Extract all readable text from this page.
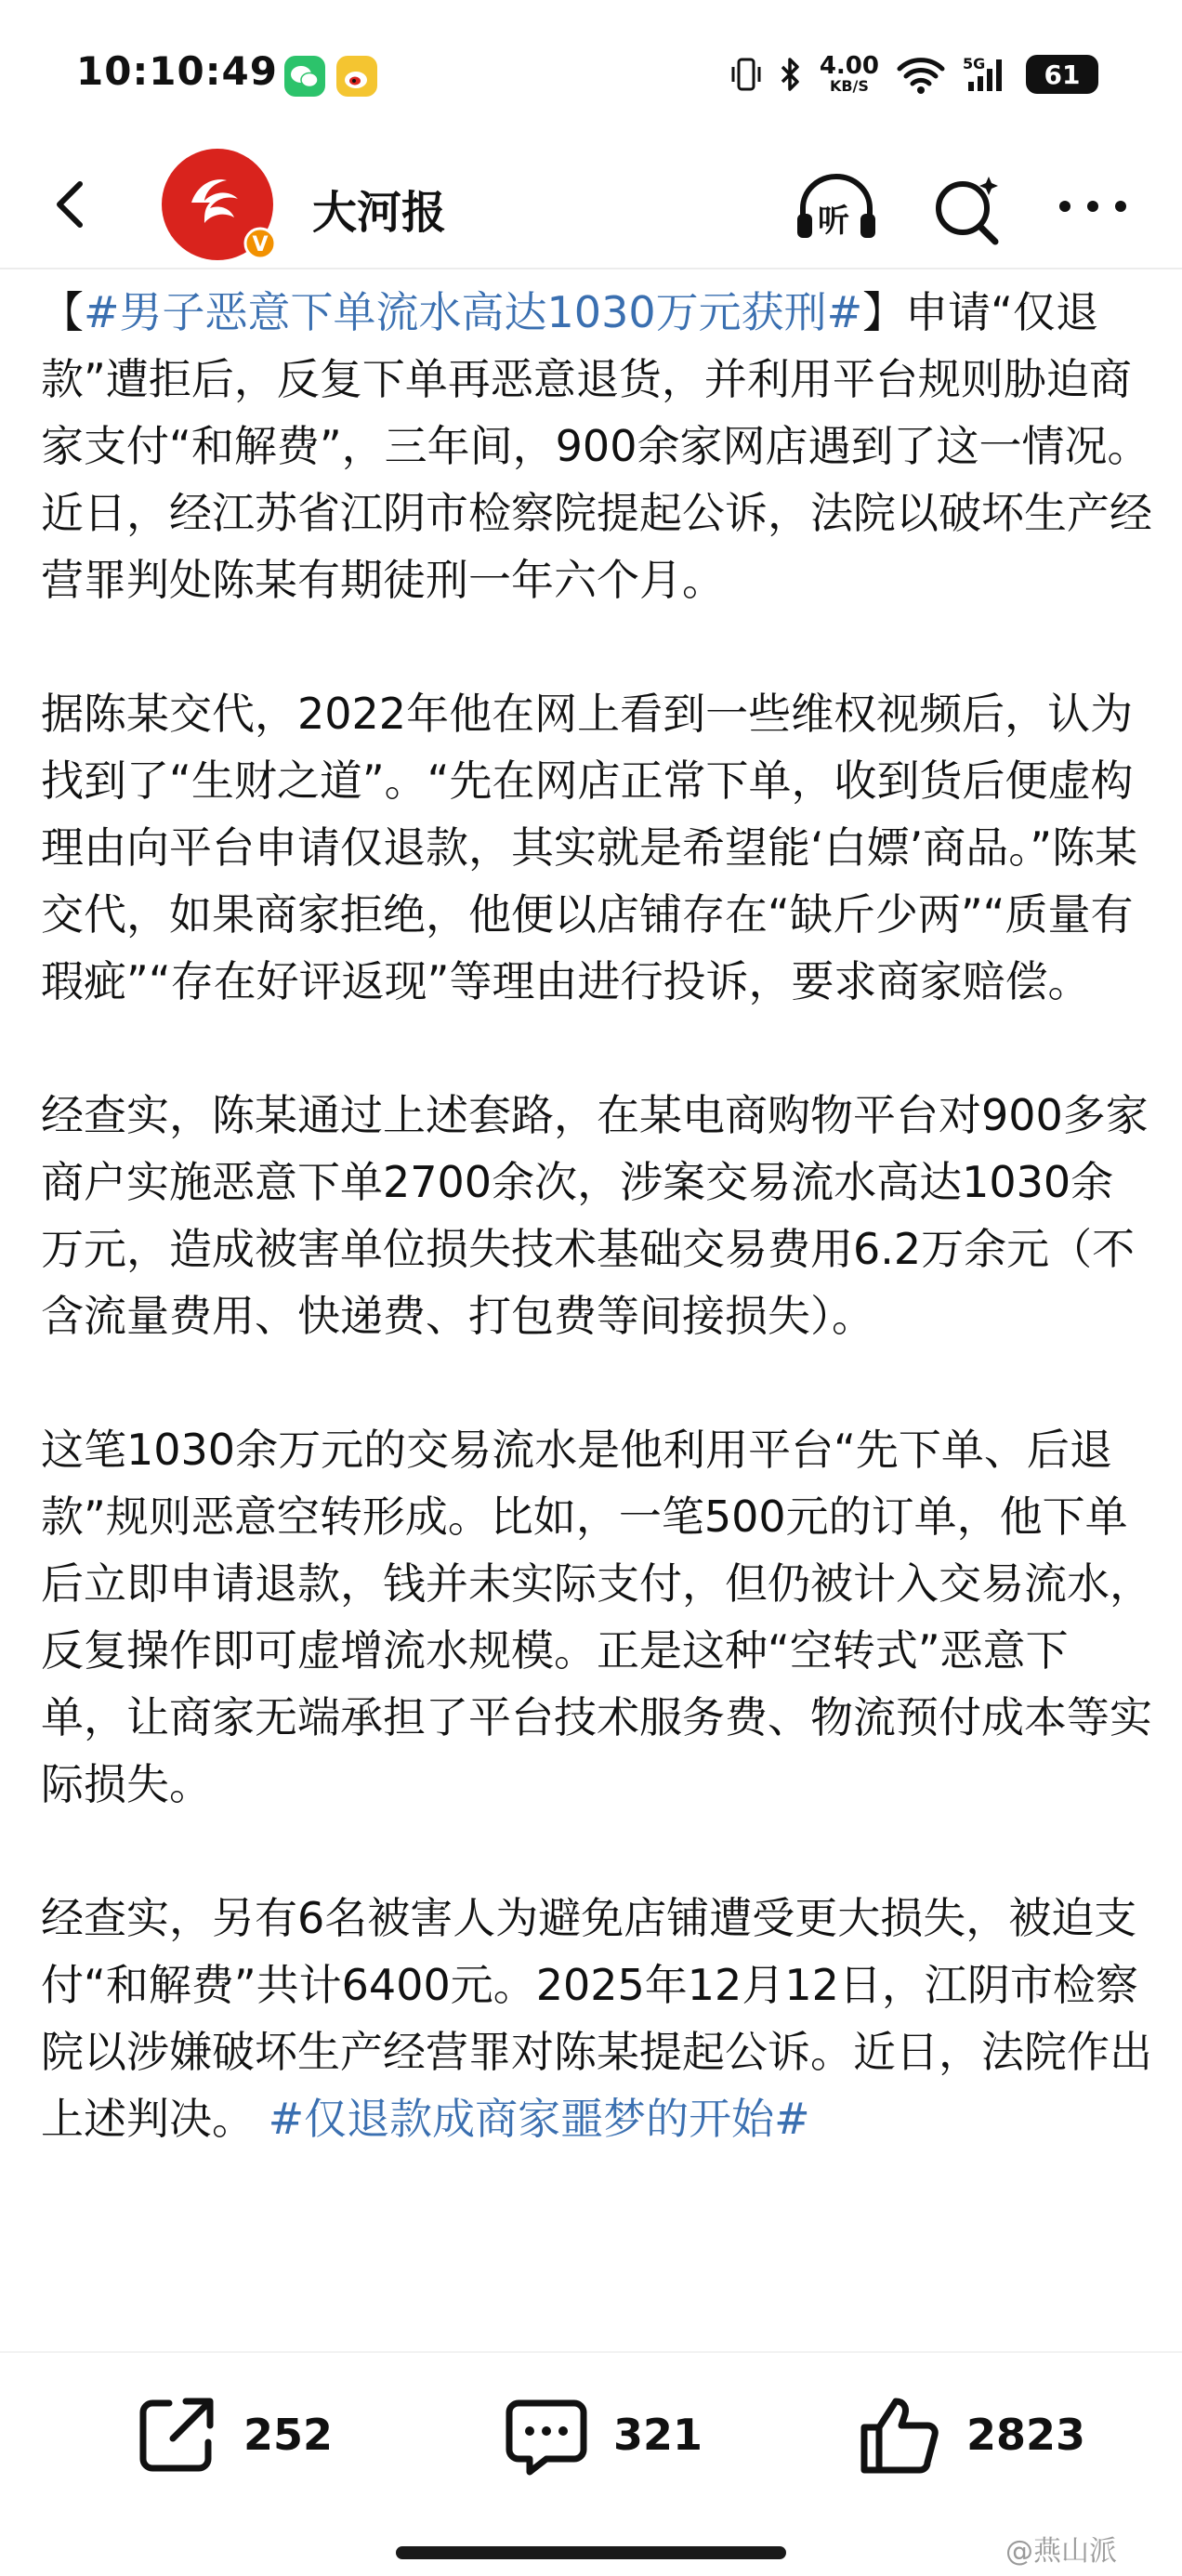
10:10:49	4.00
KB/S
5G	61
V
大河报	听

【#男子恶意下单流水高达1030万元获刑#】申请“仅退款”遭拒后，反复下单再恶意退货，并利用平台规则胁迫商家支付“和解费”，三年间，900余家网店遇到了这一情况。近日，经江苏省江阴市检察院提起公诉，法院以破坏生产经营罪判处陈某有期徒刑一年六个月。

据陈某交代，2022年他在网上看到一些维权视频后，认为找到了“生财之道”。“先在网店正常下单，收到货后便虚构理由向平台申请仅退款，其实就是希望能‘白嫖’商品。”陈某交代，如果商家拒绝，他便以店铺存在“缺斤少两”“质量有瑕疵”“存在好评返现”等理由进行投诉，要求商家赔偿。

经查实，陈某通过上述套路，在某电商购物平台对900多家商户实施恶意下单2700余次，涉案交易流水高达1030余万元，造成被害单位损失技术基础交易费用6.2万余元（不含流量费用、快递费、打包费等间接损失）。

这笔1030余万元的交易流水是他利用平台“先下单、后退款”规则恶意空转形成。比如，一笔500元的订单，他下单后立即申请退款，钱并未实际支付，但仍被计入交易流水，反复操作即可虚增流水规模。正是这种“空转式”恶意下单，让商家无端承担了平台技术服务费、物流预付成本等实际损失。

经查实，另有6名被害人为避免店铺遭受更大损失，被迫支付“和解费”共计6400元。2025年12月12日，江阴市检察院以涉嫌破坏生产经营罪对陈某提起公诉。近日，法院作出上述判决。 #仅退款成商家噩梦的开始#

252	321	2823
@燕山派
